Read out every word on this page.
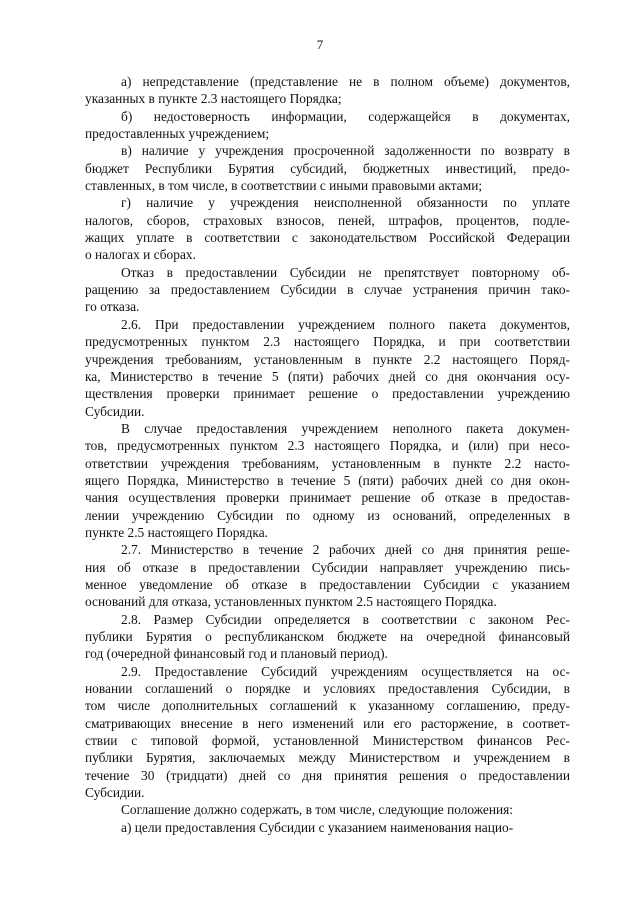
7
а) непредставление (представление не в полном объеме) документов,
указанных в пункте 2.3 настоящего Порядка;
б) недостоверность информации, содержащейся в документах,
предоставленных учреждением;
в) наличие у учреждения просроченной задолженности по возврату в
бюджет Республики Бурятия субсидий, бюджетных инвестиций, предо-
ставленных, в том числе, в соответствии с иными правовыми актами;
г) наличие у учреждения неисполненной обязанности по уплате
налогов, сборов, страховых взносов, пеней, штрафов, процентов, подле-
жащих уплате в соответствии с законодательством Российской Федерации
о налогах и сборах.
Отказ в предоставлении Субсидии не препятствует повторному об-
ращению за предоставлением Субсидии в случае устранения причин тако-
го отказа.
2.6. При предоставлении учреждением полного пакета документов,
предусмотренных пунктом 2.3 настоящего Порядка, и при соответствии
учреждения требованиям, установленным в пункте 2.2 настоящего Поряд-
ка, Министерство в течение 5 (пяти) рабочих дней со дня окончания осу-
ществления проверки принимает решение о предоставлении учреждению
Субсидии.
В случае предоставления учреждением неполного пакета докумен-
тов, предусмотренных пунктом 2.3 настоящего Порядка, и (или) при несо-
ответствии учреждения требованиям, установленным в пункте 2.2 насто-
ящего Порядка, Министерство в течение 5 (пяти) рабочих дней со дня окон-
чания осуществления проверки принимает решение об отказе в предостав-
лении учреждению Субсидии по одному из оснований, определенных в
пункте 2.5 настоящего Порядка.
2.7. Министерство в течение 2 рабочих дней со дня принятия реше-
ния об отказе в предоставлении Субсидии направляет учреждению пись-
менное уведомление об отказе в предоставлении Субсидии с указанием
оснований для отказа, установленных пунктом 2.5 настоящего Порядка.
2.8. Размер Субсидии определяется в соответствии с законом Рес-
публики Бурятия о республиканском бюджете на очередной финансовый
год (очередной финансовый год и плановый период).
2.9. Предоставление Субсидий учреждениям осуществляется на ос-
новании соглашений о порядке и условиях предоставления Субсидии, в
том числе дополнительных соглашений к указанному соглашению, преду-
сматривающих внесение в него изменений или его расторжение, в соответ-
ствии с типовой формой, установленной Министерством финансов Рес-
публики Бурятия, заключаемых между Министерством и учреждением в
течение 30 (тридцати) дней со дня принятия решения о предоставлении
Субсидии.
Соглашение должно содержать, в том числе, следующие положения:
а) цели предоставления Субсидии с указанием наименования нацио-
